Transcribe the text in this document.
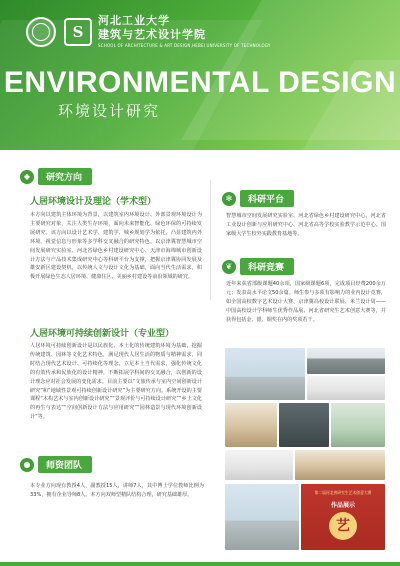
S
河北工业大学
建筑与艺术设计学院
SCHOOL OF ARCHITECTURE & ART DESIGN,HEBEI UNIVERSITY OF TECHNOLOGY
ENVIRONMENTAL DESIGN
环境设计研究
◆	研究方向
人居环境设计及理论（学术型）
本方向以建筑主体环境为背景，以建筑室内环境设计、外部景观环境设计为主要研究对象，关注人类生存环境，面向未来智能化、绿色环保的可持续发展研究。该方向以设计艺术学、建筑学、城乡规划学为依托，凸显建筑内外环境、视觉信息与形象等多学科交叉融合的研究特色。以京津冀智慧城市空间发展研究实验室、河北省绿色乡村建设研究中心、天津市海绵城市创新设计方法与产品技术集成研究中心等科研平台为支撑，把握京津冀协同发展及雄安新区建设契机，以传统人文与设计文化为基础，面向当代生活需求，积极开展绿色生态人居环境、健康住区、美丽乡村建设等前沿领域的研究。
人居环境可持续创新设计（专业型）
人居环境可持续创新设计是以民族化、本土化的传统建筑环境为基础，挖掘传统建筑、园林等文化艺术特色，满足现代人居生活的物质与精神需求，同时结合现代艺术设计、可持续化等理念，立足本土当代需求，强化传统文化的有效传承和民族化的设计精神，不断拓展学科间的交叉融合，以创新的设计理念应对社会发展的变化需求。目前主要以“文旅传承与室内空间创新设计研究”和“地域性景观可持续创新设计研究”为主要研究方向。系统开设的主要课程“木构艺术与室内创新设计研究”“景观评价与可持续设计研究”“乡土文化的再生与表达”“空间创新设计方法与应用研究”“园林造景与现代环境创新设计”等。
●	师资团队
本专业方向现有教授4人，副教授15人，讲师7人，其中博士学位教师比例为33%，拥有企业导师8人。本方向双师型精队结构合理，研究基础雄厚。
✻	科研平台
智慧城市空间发展研究实验室、河北省绿色乡村建设研究中心、河北省工业设计创新与应用研究中心、河北省高等学校实验教学示范中心、国家级大学生校外实践教育基地等。
❦	科研竞赛
近年来获省部级课题40余项，国家级课题6项，完成项目经费200余万元；发表高水平论文50余篇。师生参与多项有影响力的业内设计竞赛，如全国高校数字艺术设计大赛、京津冀高校设计联展、米兰设计周——中国高校设计学科师生优秀作品展、河北省研究生艺术创意大赛等，并获得包括金、银、铜奖在内的奖项若干。
第二届河北省研究生艺术创意大赛
作品展示
艺
